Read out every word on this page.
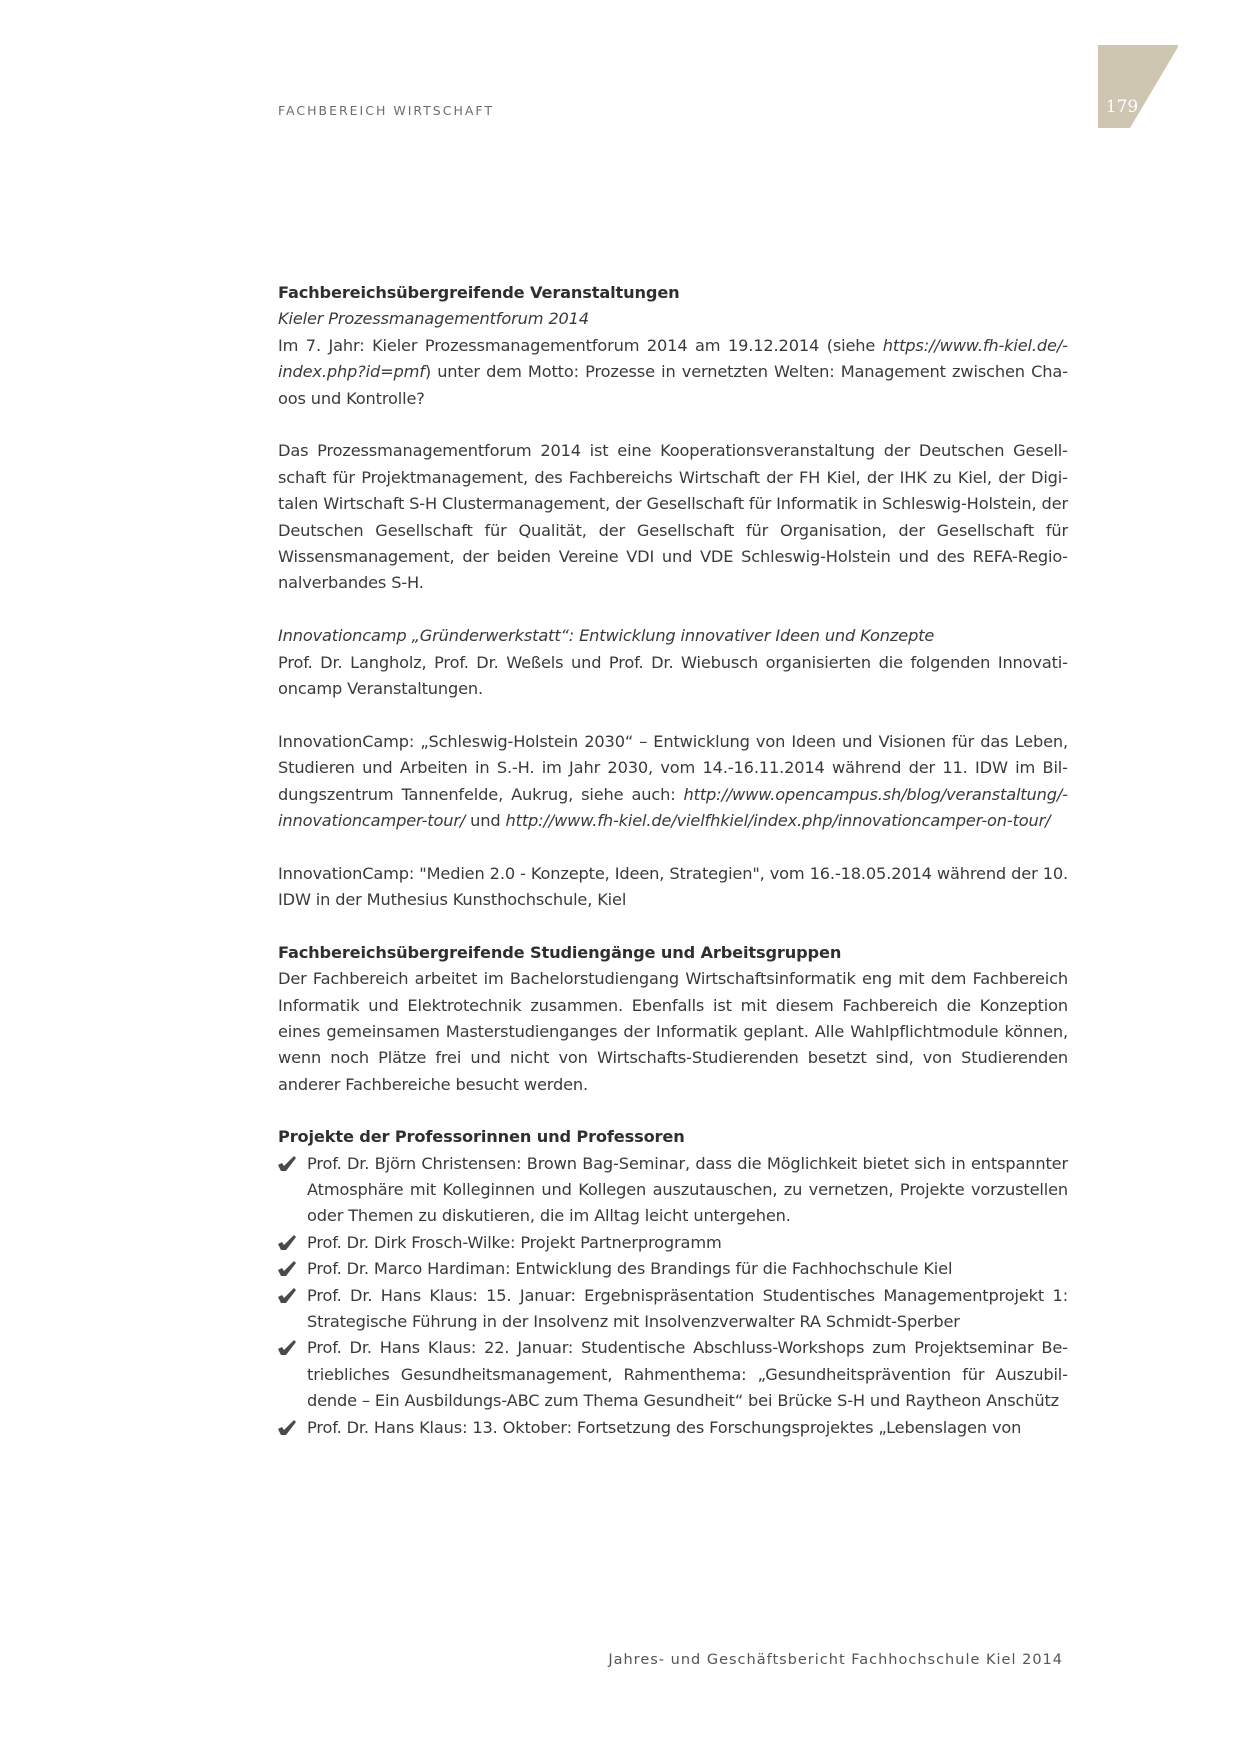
FACHBEREICH WIRTSCHAFT	179

Fachbereichsübergreifende Veranstaltungen

Kieler Prozessmanagementforum 2014

Im 7. Jahr: Kieler Prozessmanagementforum 2014 am 19.12.2014 (siehe https://www.fh-kiel.de/index.php?id=pmf) unter dem Motto: Prozesse in vernetzten Welten: Management zwischen Chaoos und Kontrolle?

Das Prozessmanagementforum 2014 ist eine Kooperationsveranstaltung der Deutschen Gesellschaft für Projektmanagement, des Fachbereichs Wirtschaft der FH Kiel, der IHK zu Kiel, der Digitalen Wirtschaft S-H Clustermanagement, der Gesellschaft für Informatik in Schleswig-Holstein, der Deutschen Gesellschaft für Qualität, der Gesellschaft für Organisation, der Gesellschaft für Wissensmanagement, der beiden Vereine VDI und VDE Schleswig-Holstein und des REFA-Regionalverbandes S-H.

Innovationcamp „Gründerwerkstatt“: Entwicklung innovativer Ideen und Konzepte

Prof. Dr. Langholz, Prof. Dr. Weßels und Prof. Dr. Wiebusch organisierten die folgenden Innovationcamp Veranstaltungen.

InnovationCamp: „Schleswig-Holstein 2030“ – Entwicklung von Ideen und Visionen für das Leben, Studieren und Arbeiten in S.-H. im Jahr 2030, vom 14.-16.11.2014 während der 11. IDW im Bildungszentrum Tannenfelde, Aukrug, siehe auch: http://www.opencampus.sh/blog/veranstaltung/innovationcamper-tour/ und http://www.fh-kiel.de/vielfhkiel/index.php/innovationcamper-on-tour/

InnovationCamp: "Medien 2.0 - Konzepte, Ideen, Strategien", vom 16.-18.05.2014 während der 10. IDW in der Muthesius Kunsthochschule, Kiel

Fachbereichsübergreifende Studiengänge und Arbeitsgruppen

Der Fachbereich arbeitet im Bachelorstudiengang Wirtschaftsinformatik eng mit dem Fachbereich Informatik und Elektrotechnik zusammen. Ebenfalls ist mit diesem Fachbereich die Konzeption eines gemeinsamen Masterstudienganges der Informatik geplant. Alle Wahlpflichtmodule können, wenn noch Plätze frei und nicht von Wirtschafts-Studierenden besetzt sind, von Studierenden anderer Fachbereiche besucht werden.

Projekte der Professorinnen und Professoren

Prof. Dr. Björn Christensen: Brown Bag-Seminar, dass die Möglichkeit bietet sich in entspannter Atmosphäre mit Kolleginnen und Kollegen auszutauschen, zu vernetzen, Projekte vorzustellen oder Themen zu diskutieren, die im Alltag leicht untergehen.
Prof. Dr. Dirk Frosch-Wilke: Projekt Partnerprogramm
Prof. Dr. Marco Hardiman: Entwicklung des Brandings für die Fachhochschule Kiel
Prof. Dr. Hans Klaus: 15. Januar: Ergebnispräsentation Studentisches Managementprojekt 1: Strategische Führung in der Insolvenz mit Insolvenzverwalter RA Schmidt-Sperber
Prof. Dr. Hans Klaus: 22. Januar: Studentische Abschluss-Workshops zum Projektseminar Betriebliches Gesundheitsmanagement, Rahmenthema: „Gesundheitsprävention für Auszubildende – Ein Ausbildungs-ABC zum Thema Gesundheit“ bei Brücke S-H und Raytheon Anschütz
Prof. Dr. Hans Klaus: 13. Oktober: Fortsetzung des Forschungsprojektes „Lebenslagen von
Jahres- und Geschäftsbericht Fachhochschule Kiel 2014
